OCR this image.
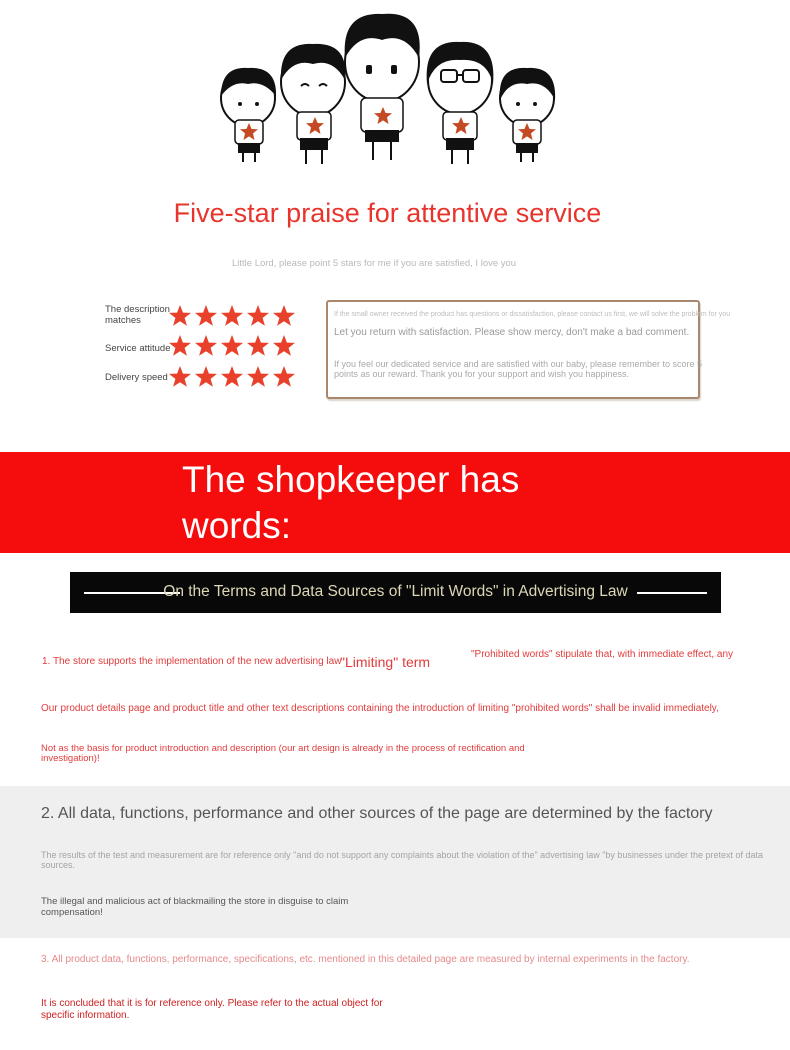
Five-star praise for attentive service
Little Lord, please point 5 stars for me if you are satisfied, I love you
The description matches
Service attitude
Delivery speed
If the small owner received the product has questions or dissatisfaction, please contact us first, we will solve the problem for you
Let you return with satisfaction. Please show mercy, don't make a bad comment.
If you feel our dedicated service and are satisfied with our baby, please remember to score 5 points as our reward. Thank you for your support and wish you happiness.
The shopkeeper has words:
On the Terms and Data Sources of "Limit Words" in Advertising Law
1. The store supports the implementation of the new advertising law
"Limiting" term	"Prohibited words" stipulate that, with immediate effect, any
Our product details page and product title and other text descriptions containing the introduction of limiting "prohibited words" shall be invalid immediately,
Not as the basis for product introduction and description (our art design is already in the process of rectification and investigation)!
2. All data, functions, performance and other sources of the page are determined by the factory
The results of the test and measurement are for reference only "and do not support any complaints about the violation of the" advertising law "by businesses under the pretext of data sources.
The illegal and malicious act of blackmailing the store in disguise to claim compensation!
3. All product data, functions, performance, specifications, etc. mentioned in this detailed page are measured by internal experiments in the factory.
It is concluded that it is for reference only. Please refer to the actual object for specific information.
